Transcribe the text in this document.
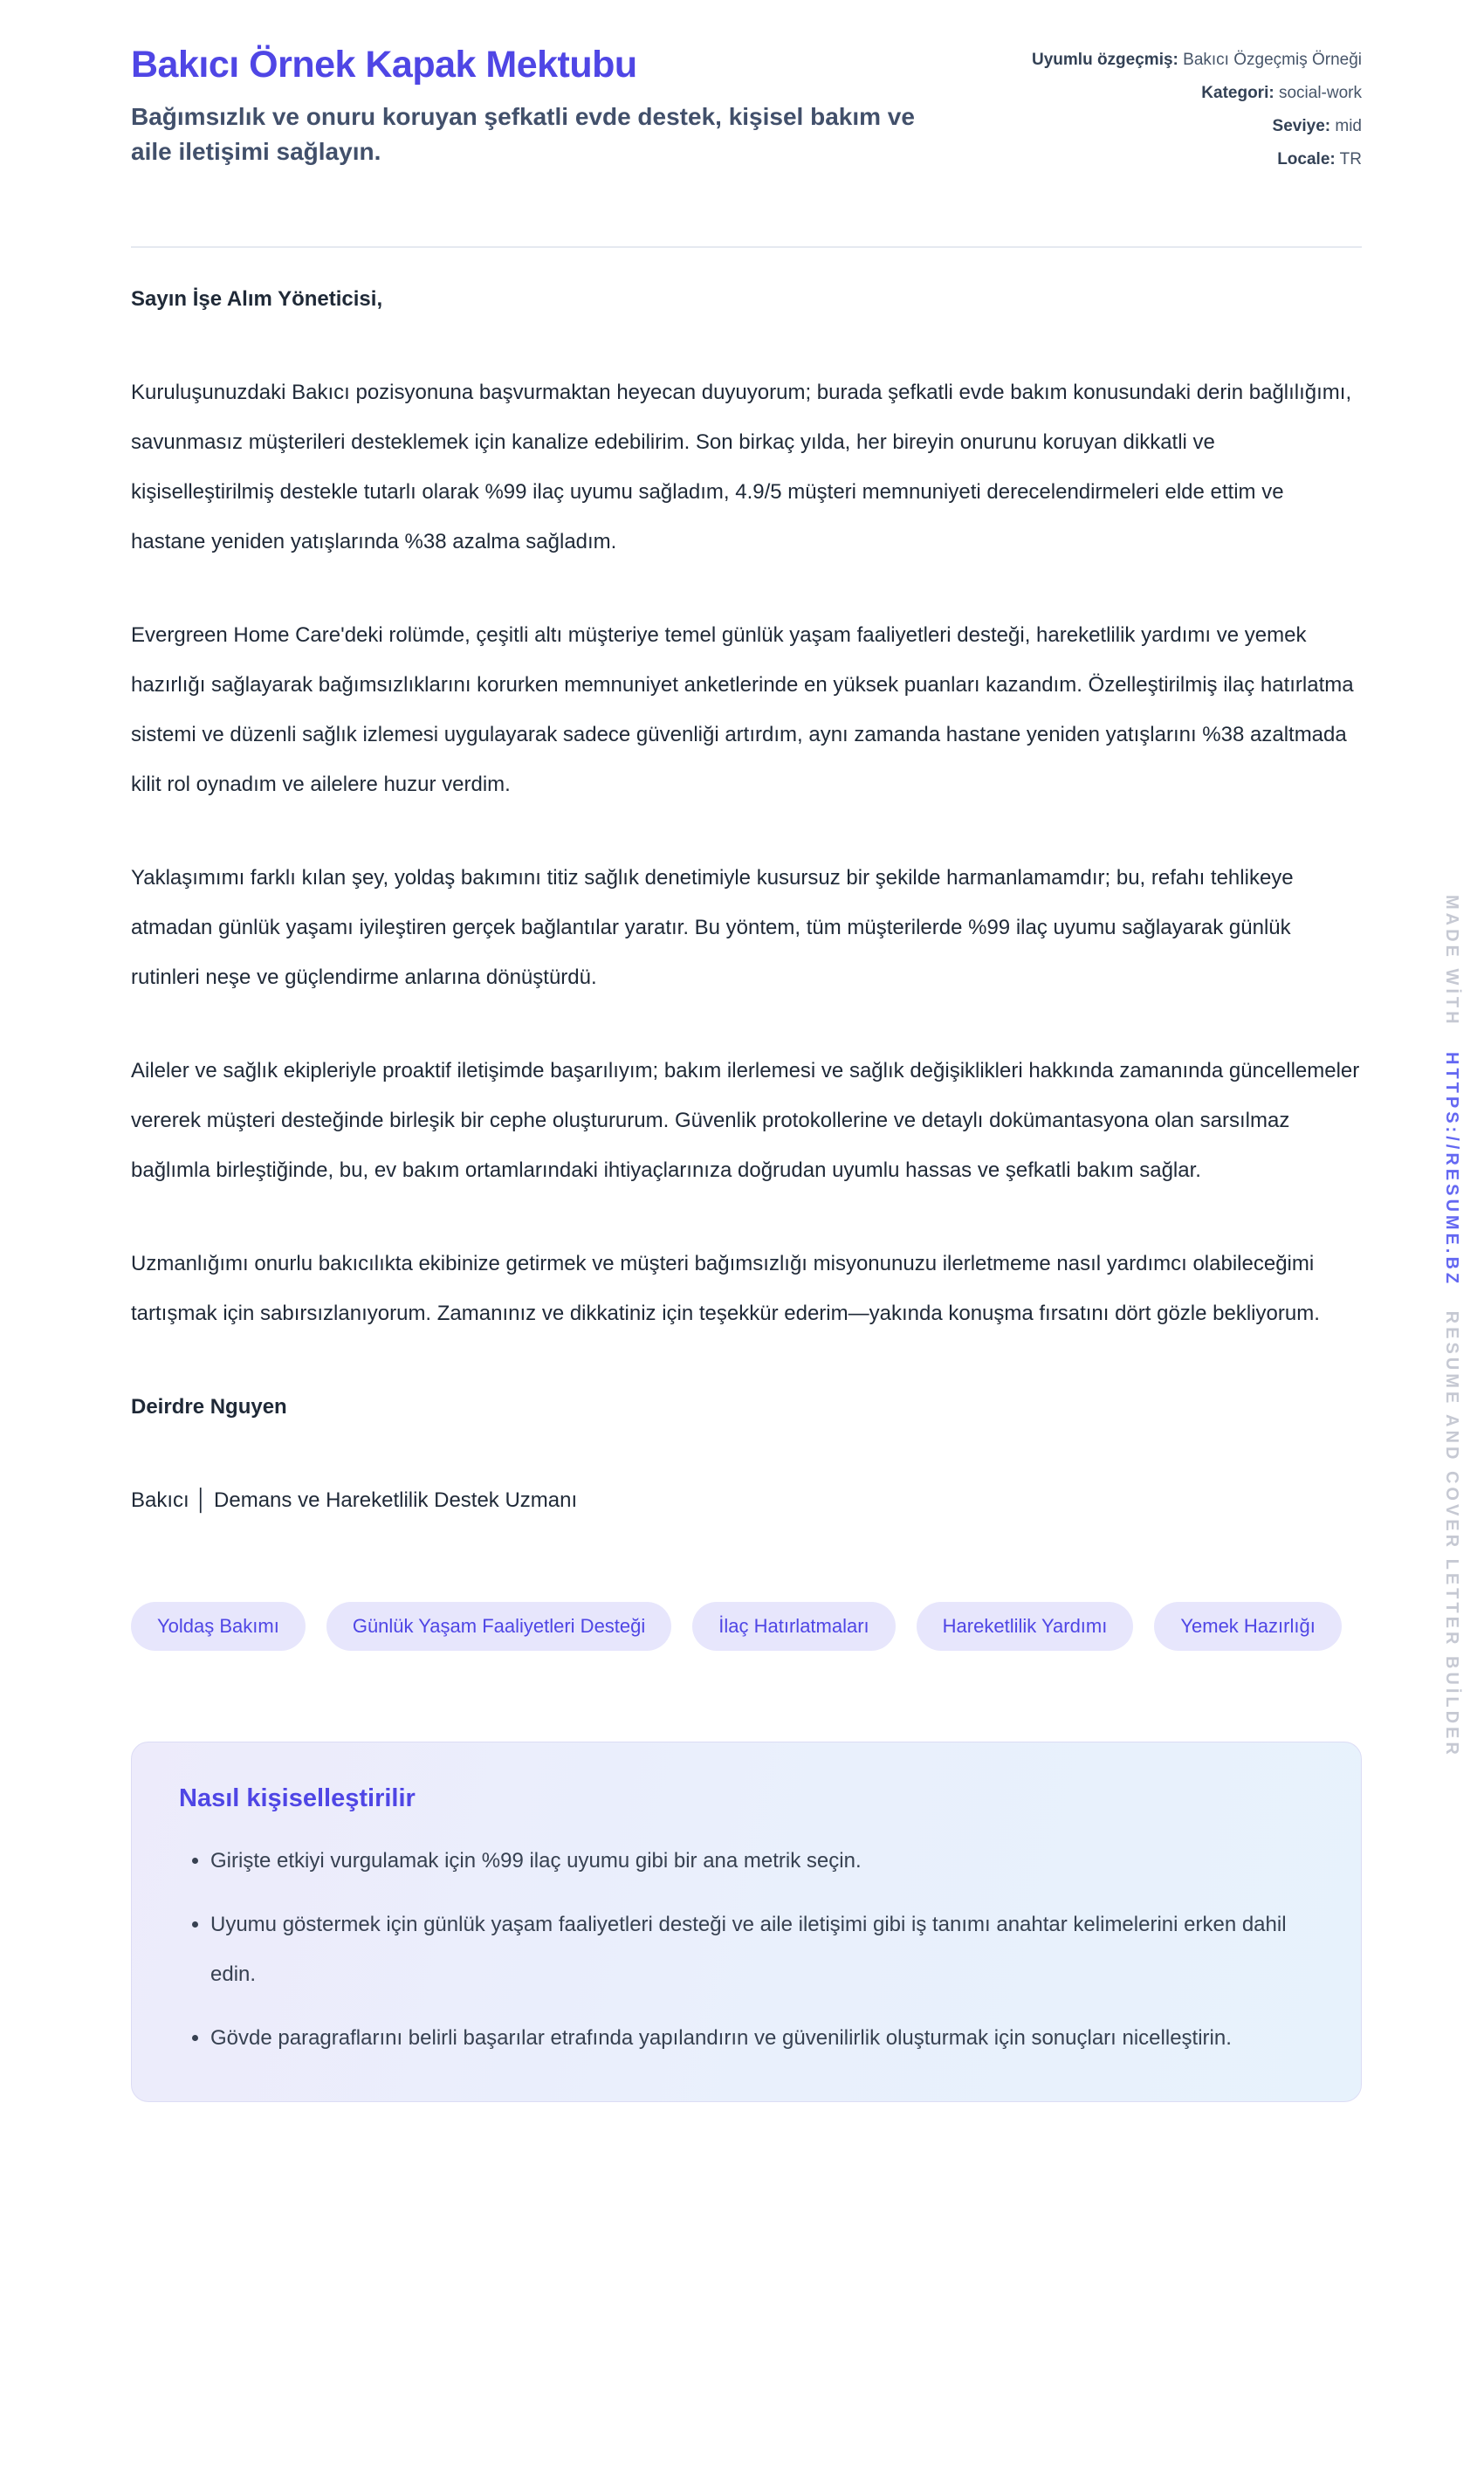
Bakıcı Örnek Kapak Mektubu

Bağımsızlık ve onuru koruyan şefkatli evde destek, kişisel bakım ve aile iletişimi sağlayın.

Uyumlu özgeçmiş: Bakıcı Özgeçmiş Örneği
Kategori: social-work
Seviye: mid
Locale: TR

Sayın İşe Alım Yöneticisi,

Kuruluşunuzdaki Bakıcı pozisyonuna başvurmaktan heyecan duyuyorum; burada şefkatli evde bakım konusundaki derin bağlılığımı, savunmasız müşterileri desteklemek için kanalize edebilirim. Son birkaç yılda, her bireyin onurunu koruyan dikkatli ve kişiselleştirilmiş destekle tutarlı olarak %99 ilaç uyumu sağladım, 4.9/5 müşteri memnuniyeti derecelendirmeleri elde ettim ve hastane yeniden yatışlarında %38 azalma sağladım.

Evergreen Home Care'deki rolümde, çeşitli altı müşteriye temel günlük yaşam faaliyetleri desteği, hareketlilik yardımı ve yemek hazırlığı sağlayarak bağımsızlıklarını korurken memnuniyet anketlerinde en yüksek puanları kazandım. Özelleştirilmiş ilaç hatırlatma sistemi ve düzenli sağlık izlemesi uygulayarak sadece güvenliği artırdım, aynı zamanda hastane yeniden yatışlarını %38 azaltmada kilit rol oynadım ve ailelere huzur verdim.

Yaklaşımımı farklı kılan şey, yoldaş bakımını titiz sağlık denetimiyle kusursuz bir şekilde harmanlamamdır; bu, refahı tehlikeye atmadan günlük yaşamı iyileştiren gerçek bağlantılar yaratır. Bu yöntem, tüm müşterilerde %99 ilaç uyumu sağlayarak günlük rutinleri neşe ve güçlendirme anlarına dönüştürdü.

Aileler ve sağlık ekipleriyle proaktif iletişimde başarılıyım; bakım ilerlemesi ve sağlık değişiklikleri hakkında zamanında güncellemeler vererek müşteri desteğinde birleşik bir cephe oluştururum. Güvenlik protokollerine ve detaylı dokümantasyona olan sarsılmaz bağlımla birleştiğinde, bu, ev bakım ortamlarındaki ihtiyaçlarınıza doğrudan uyumlu hassas ve şefkatli bakım sağlar.

Uzmanlığımı onurlu bakıcılıkta ekibinize getirmek ve müşteri bağımsızlığı misyonunuzu ilerletmeme nasıl yardımcı olabileceğimi tartışmak için sabırsızlanıyorum. Zamanınız ve dikkatiniz için teşekkür ederim—yakında konuşma fırsatını dört gözle bekliyorum.

Deirdre Nguyen

Bakıcı │ Demans ve Hareketlilik Destek Uzmanı

Yoldaş Bakımı	Günlük Yaşam Faaliyetleri Desteği	İlaç Hatırlatmaları	Hareketlilik Yardımı	Yemek Hazırlığı
Nasıl kişiselleştirilir
• Girişte etkiyi vurgulamak için %99 ilaç uyumu gibi bir ana metrik seçin.
• Uyumu göstermek için günlük yaşam faaliyetleri desteği ve aile iletişimi gibi iş tanımı anahtar kelimelerini erken dahil edin.
• Gövde paragraflarını belirli başarılar etrafında yapılandırın ve güvenilirlik oluşturmak için sonuçları nicelleştirin.
MADE WİTHHTTPS://RESUME.BZRESUME AND COVER LETTER BUİLDER
